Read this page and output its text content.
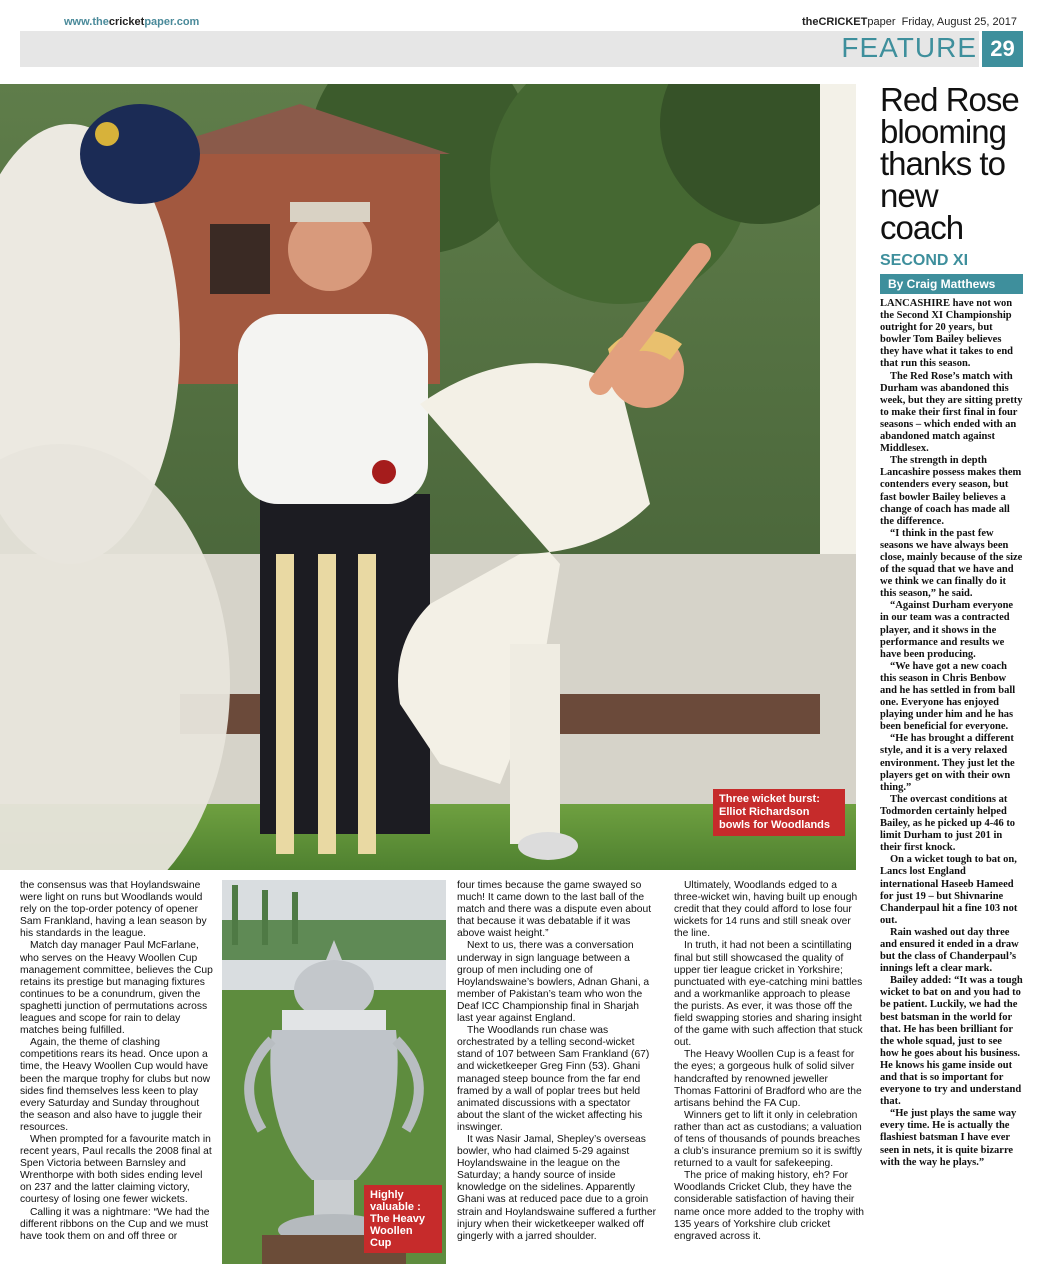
www.thecricketpaper.com	theCRICKETpaper Friday, August 25, 2017
FEATURE 29
Three wicket burst: Elliot Richardson bowls for Woodlands
Red Rose blooming thanks to new coach
SECOND XI
By Craig Matthews

LANCASHIRE have not won the Second XI Championship outright for 20 years, but bowler Tom Bailey believes they have what it takes to end that run this season.

The Red Rose’s match with Durham was abandoned this week, but they are sitting pretty to make their first final in four seasons – which ended with an abandoned match against Middlesex.

The strength in depth Lancashire possess makes them contenders every season, but fast bowler Bailey believes a change of coach has made all the difference.

“I think in the past few seasons we have always been close, mainly because of the size of the squad that we have and we think we can finally do it this season,” he said.

“Against Durham everyone in our team was a contracted player, and it shows in the performance and results we have been producing.

“We have got a new coach this season in Chris Benbow and he has settled in from ball one. Everyone has enjoyed playing under him and he has been beneficial for everyone.

“He has brought a different style, and it is a very relaxed environment. They just let the players get on with their own thing.”

The overcast conditions at Todmorden certainly helped Bailey, as he picked up 4-46 to limit Durham to just 201 in their first knock.

On a wicket tough to bat on, Lancs lost England international Haseeb Hameed for just 19 – but Shivnarine Chanderpaul hit a fine 103 not out.

Rain washed out day three and ensured it ended in a draw but the class of Chanderpaul’s innings left a clear mark.

Bailey added: “It was a tough wicket to bat on and you had to be patient. Luckily, we had the best batsman in the world for that. He has been brilliant for the whole squad, just to see how he goes about his business. He knows his game inside out and that is so important for everyone to try and understand that.

“He just plays the same way every time. He is actually the flashiest batsman I have ever seen in nets, it is quite bizarre with the way he plays.”

the consensus was that Hoylandswaine were light on runs but Woodlands would rely on the top-order potency of opener Sam Frankland, having a lean season by his standards in the league.

Match day manager Paul McFarlane, who serves on the Heavy Woollen Cup management committee, believes the Cup retains its prestige but managing fixtures continues to be a conundrum, given the spaghetti junction of permutations across leagues and scope for rain to delay matches being fulfilled.

Again, the theme of clashing competitions rears its head. Once upon a time, the Heavy Woollen Cup would have been the marque trophy for clubs but now sides find themselves less keen to play every Saturday and Sunday throughout the season and also have to juggle their resources.

When prompted for a favourite match in recent years, Paul recalls the 2008 final at Spen Victoria between Barnsley and Wrenthorpe with both sides ending level on 237 and the latter claiming victory, courtesy of losing one fewer wickets.

Calling it was a nightmare: “We had the different ribbons on the Cup and we must have took them on and off three or

Highly valuable : The Heavy Woollen Cup

four times because the game swayed so much! It came down to the last ball of the match and there was a dispute even about that because it was debatable if it was above waist height.”

Next to us, there was a conversation underway in sign language between a group of men including one of Hoylandswaine’s bowlers, Adnan Ghani, a member of Pakistan’s team who won the Deaf ICC Championship final in Sharjah last year against England.

The Woodlands run chase was orchestrated by a telling second-wicket stand of 107 between Sam Frankland (67) and wicketkeeper Greg Finn (53). Ghani managed steep bounce from the far end framed by a wall of poplar trees but held animated discussions with a spectator about the slant of the wicket affecting his inswinger.

It was Nasir Jamal, Shepley’s overseas bowler, who had claimed 5-29 against Hoylandswaine in the league on the Saturday; a handy source of inside knowledge on the sidelines. Apparently Ghani was at reduced pace due to a groin strain and Hoylandswaine suffered a further injury when their wicketkeeper walked off gingerly with a jarred shoulder.

Ultimately, Woodlands edged to a three-wicket win, having built up enough credit that they could afford to lose four wickets for 14 runs and still sneak over the line.

In truth, it had not been a scintillating final but still showcased the quality of upper tier league cricket in Yorkshire; punctuated with eye-catching mini battles and a workmanlike approach to please the purists. As ever, it was those off the field swapping stories and sharing insight of the game with such affection that stuck out.

The Heavy Woollen Cup is a feast for the eyes; a gorgeous hulk of solid silver handcrafted by renowned jeweller Thomas Fattorini of Bradford who are the artisans behind the FA Cup.

Winners get to lift it only in celebration rather than act as custodians; a valuation of tens of thousands of pounds breaches a club’s insurance premium so it is swiftly returned to a vault for safekeeping.

The price of making history, eh? For Woodlands Cricket Club, they have the considerable satisfaction of having their name once more added to the trophy with 135 years of Yorkshire club cricket engraved across it.
